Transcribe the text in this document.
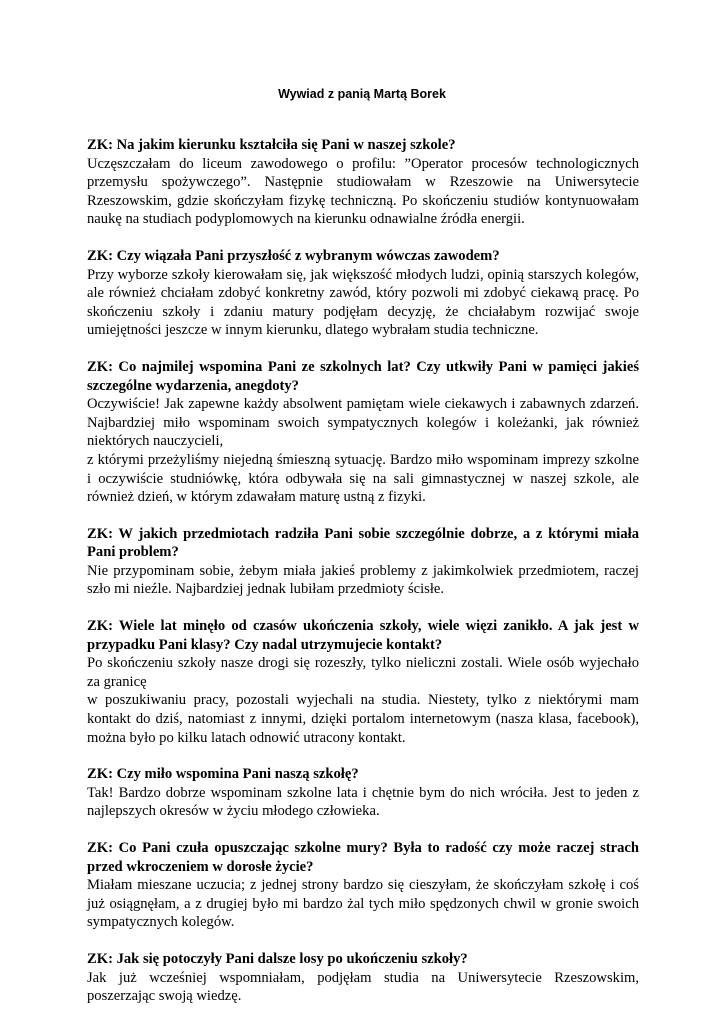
Wywiad z panią Martą Borek

ZK: Na jakim kierunku kształciła się Pani w naszej szkole?

Uczęszczałam do liceum zawodowego o profilu: ”Operator procesów technologicznych przemysłu spożywczego”. Następnie studiowałam w Rzeszowie na Uniwersytecie Rzeszowskim, gdzie skończyłam fizykę techniczną. Po skończeniu studiów kontynuowałam naukę na studiach podyplomowych na kierunku odnawialne źródła energii.

ZK: Czy wiązała Pani przyszłość z wybranym wówczas zawodem?

Przy wyborze szkoły kierowałam się, jak większość młodych ludzi, opinią starszych kolegów, ale również chciałam zdobyć konkretny zawód, który pozwoli mi zdobyć ciekawą pracę. Po skończeniu szkoły i zdaniu matury podjęłam decyzję, że chciałabym rozwijać swoje umiejętności jeszcze w innym kierunku, dlatego wybrałam studia techniczne.

ZK: Co najmilej wspomina Pani ze szkolnych lat? Czy utkwiły Pani w pamięci jakieś szczególne wydarzenia, anegdoty?

Oczywiście! Jak zapewne każdy absolwent pamiętam wiele ciekawych i zabawnych zdarzeń. Najbardziej miło wspominam swoich sympatycznych kolegów i koleżanki, jak również niektórych nauczycieli,

z którymi przeżyliśmy niejedną śmieszną sytuację. Bardzo miło wspominam imprezy szkolne i oczywiście studniówkę, która odbywała się na sali gimnastycznej w naszej szkole, ale również dzień, w którym zdawałam maturę ustną z fizyki.

ZK: W jakich przedmiotach radziła Pani sobie szczególnie dobrze, a z którymi miała Pani problem?

Nie przypominam sobie, żebym miała jakieś problemy z jakimkolwiek przedmiotem, raczej szło mi nieźle. Najbardziej jednak lubiłam przedmioty ścisłe.

ZK: Wiele lat minęło od czasów ukończenia szkoły, wiele więzi zanikło. A jak jest w przypadku Pani klasy? Czy nadal utrzymujecie kontakt?

Po skończeniu szkoły nasze drogi się rozeszły, tylko nieliczni zostali. Wiele osób wyjechało za granicę

w poszukiwaniu pracy, pozostali wyjechali na studia. Niestety, tylko z niektórymi mam kontakt do dziś, natomiast z innymi, dzięki portalom internetowym (nasza klasa, facebook), można było po kilku latach odnowić utracony kontakt.

ZK: Czy miło wspomina Pani naszą szkołę?

Tak! Bardzo dobrze wspominam szkolne lata i chętnie bym do nich wróciła. Jest to jeden z najlepszych okresów w życiu młodego człowieka.

ZK: Co Pani czuła opuszczając szkolne mury? Była to radość czy może raczej strach przed wkroczeniem w dorosłe życie?

Miałam mieszane uczucia; z jednej strony bardzo się cieszyłam, że skończyłam szkołę i coś już osiągnęłam, a z drugiej było mi bardzo żal tych miło spędzonych chwil w gronie swoich sympatycznych kolegów.

ZK: Jak się potoczyły Pani dalsze losy po ukończeniu szkoły?

Jak już wcześniej wspomniałam, podjęłam studia na Uniwersytecie Rzeszowskim, poszerzając swoją wiedzę.
